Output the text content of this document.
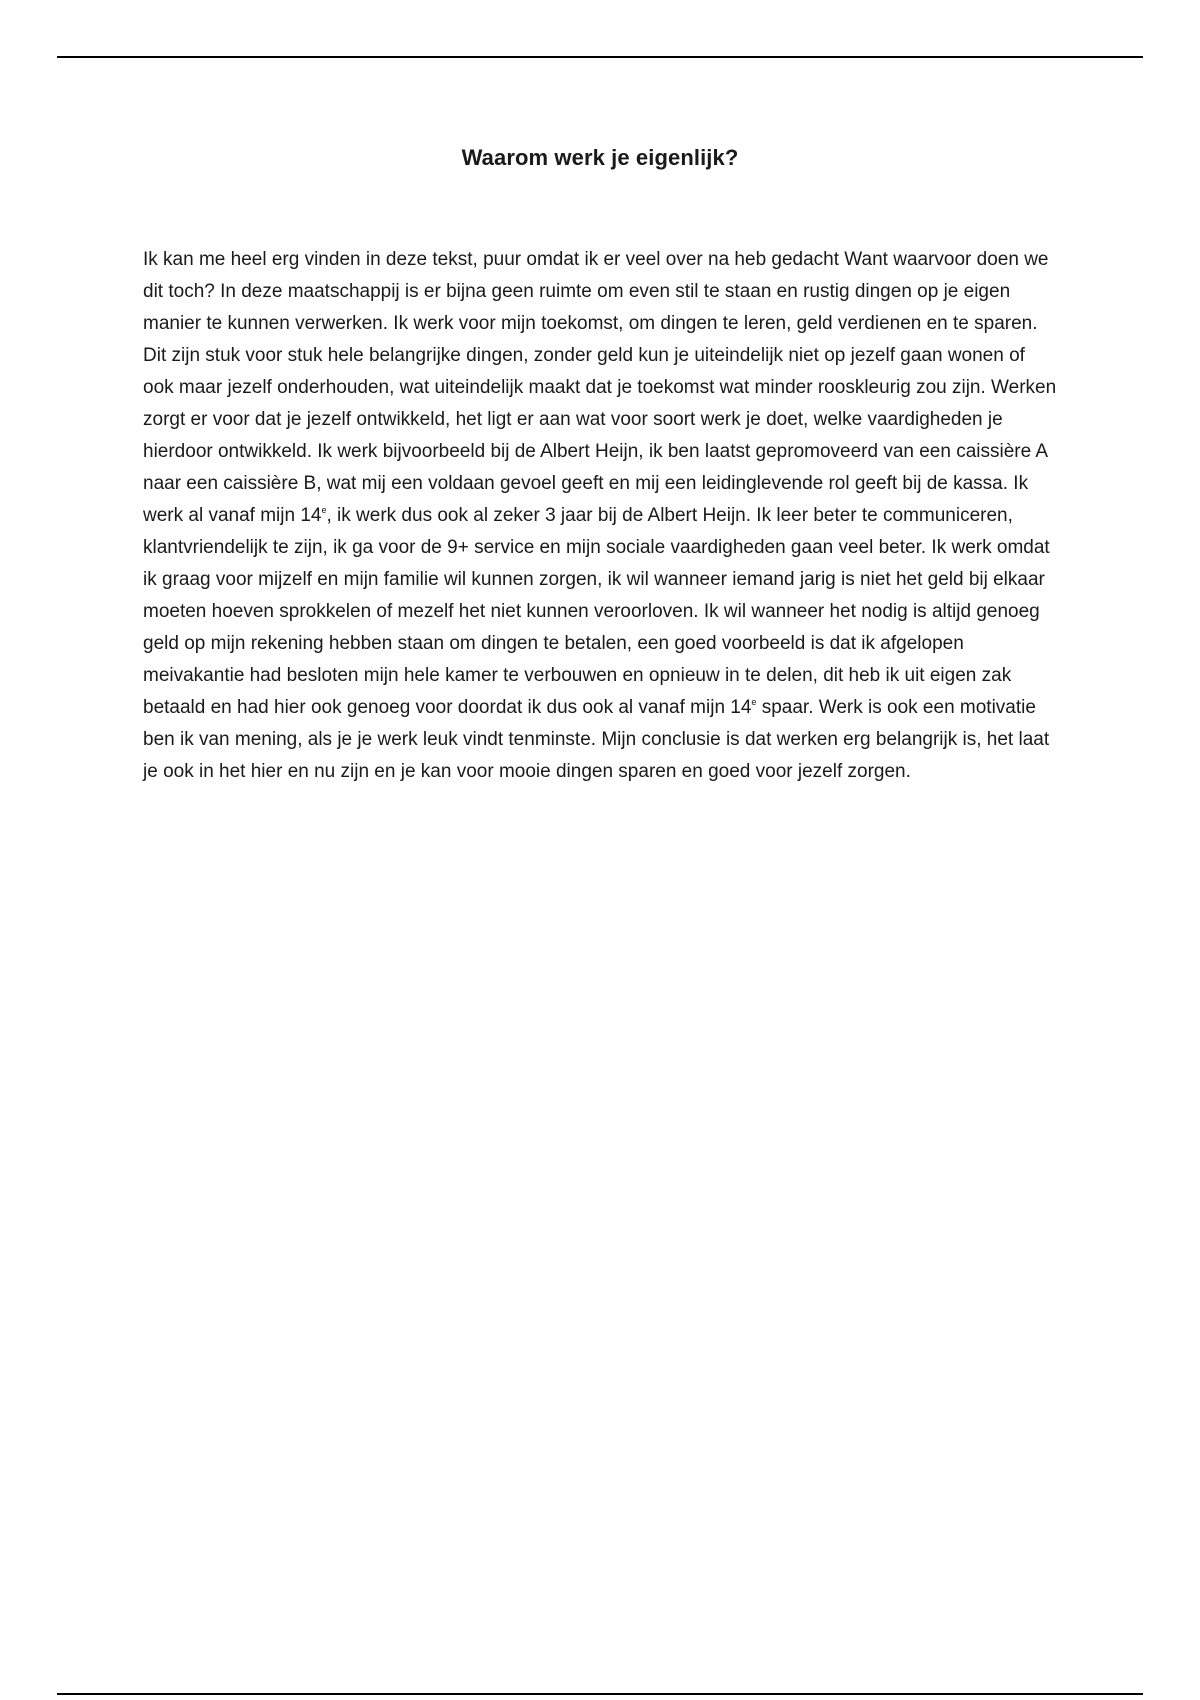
Waarom werk je eigenlijk?

Ik kan me heel erg vinden in deze tekst, puur omdat ik er veel over na heb gedacht Want waarvoor doen we dit toch? In deze maatschappij is er bijna geen ruimte om even stil te staan en rustig dingen op je eigen manier te kunnen verwerken. Ik werk voor mijn toekomst, om dingen te leren, geld verdienen en te sparen. Dit zijn stuk voor stuk hele belangrijke dingen, zonder geld kun je uiteindelijk niet op jezelf gaan wonen of ook maar jezelf onderhouden, wat uiteindelijk maakt dat je toekomst wat minder rooskleurig zou zijn. Werken zorgt er voor dat je jezelf ontwikkeld, het ligt er aan wat voor soort werk je doet, welke vaardigheden je hierdoor ontwikkeld. Ik werk bijvoorbeeld bij de Albert Heijn, ik ben laatst gepromoveerd van een caissière A naar een caissière B, wat mij een voldaan gevoel geeft en mij een leidinglevende rol geeft bij de kassa. Ik werk al vanaf mijn 14e, ik werk dus ook al zeker 3 jaar bij de Albert Heijn. Ik leer beter te communiceren, klantvriendelijk te zijn, ik ga voor de 9+ service en mijn sociale vaardigheden gaan veel beter. Ik werk omdat ik graag voor mijzelf en mijn familie wil kunnen zorgen, ik wil wanneer iemand jarig is niet het geld bij elkaar moeten hoeven sprokkelen of mezelf het niet kunnen veroorloven. Ik wil wanneer het nodig is altijd genoeg geld op mijn rekening hebben staan om dingen te betalen, een goed voorbeeld is dat ik afgelopen meivakantie had besloten mijn hele kamer te verbouwen en opnieuw in te delen, dit heb ik uit eigen zak betaald en had hier ook genoeg voor doordat ik dus ook al vanaf mijn 14e spaar. Werk is ook een motivatie ben ik van mening, als je je werk leuk vindt tenminste. Mijn conclusie is dat werken erg belangrijk is, het laat je ook in het hier en nu zijn en je kan voor mooie dingen sparen en goed voor jezelf zorgen.
